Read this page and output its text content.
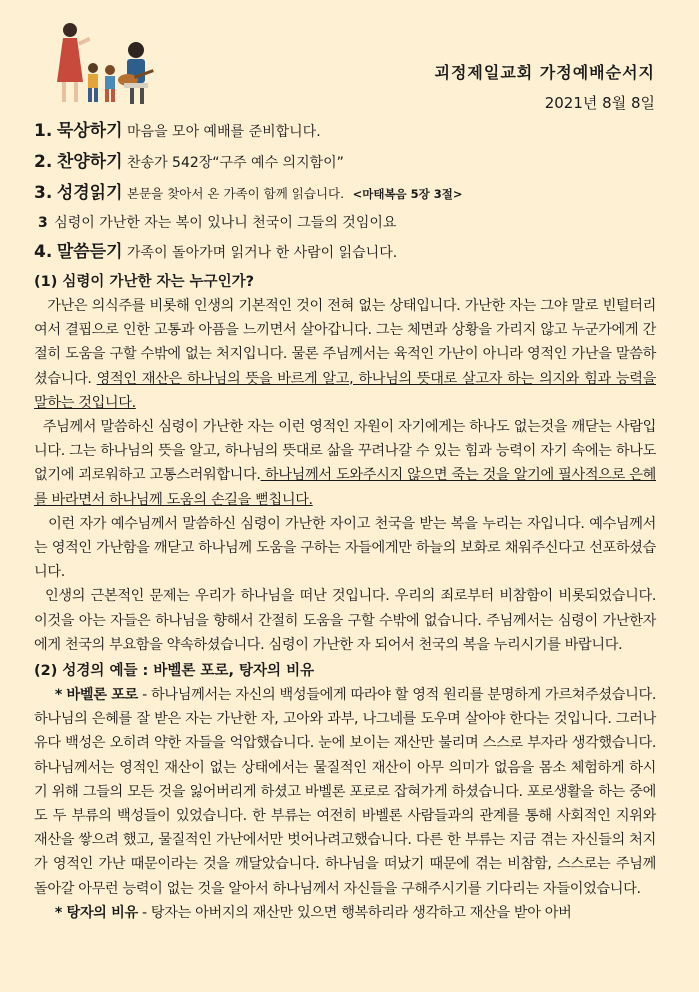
괴정제일교회 가정예배순서지
2021년 8월 8일
1. 묵상하기 마음을 모아 예배를 준비합니다.
2. 찬양하기 찬송가 542장“구주 예수 의지함이”
3. 성경읽기 본문을 찾아서 온 가족이 함께 읽습니다. <마태복음 5장 3절>
3 심령이 가난한 자는 복이 있나니 천국이 그들의 것임이요
4. 말씀듣기 가족이 돌아가며 읽거나 한 사람이 읽습니다.
(1) 심령이 가난한 자는 누구인가?

가난은 의식주를 비롯해 인생의 기본적인 것이 전혀 없는 상태입니다. 가난한 자는 그야 말로 빈털터리여서 결핍으로 인한 고통과 아픔을 느끼면서 살아갑니다. 그는 체면과 상황을 가리지 않고 누군가에게 간절히 도움을 구할 수밖에 없는 처지입니다. 물론 주님께서는 육적인 가난이 아니라 영적인 가난을 말씀하셨습니다. 영적인 재산은 하나님의 뜻을 바르게 알고, 하나님의 뜻대로 살고자 하는 의지와 힘과 능력을 말하는 것입니다.

주님께서 말씀하신 심령이 가난한 자는 이런 영적인 자원이 자기에게는 하나도 없는것을 깨닫는 사람입니다. 그는 하나님의 뜻을 알고, 하나님의 뜻대로 삶을 꾸려나갈 수 있는 힘과 능력이 자기 속에는 하나도 없기에 괴로워하고 고통스러워합니다. 하나님께서 도와주시지 않으면 죽는 것을 알기에 필사적으로 은혜를 바라면서 하나님께 도움의 손길을 뻗칩니다.

이런 자가 예수님께서 말씀하신 심령이 가난한 자이고 천국을 받는 복을 누리는 자입니다. 예수님께서는 영적인 가난함을 깨닫고 하나님께 도움을 구하는 자들에게만 하늘의 보화로 채워주신다고 선포하셨습니다.

인생의 근본적인 문제는 우리가 하나님을 떠난 것입니다. 우리의 죄로부터 비참함이 비롯되었습니다. 이것을 아는 자들은 하나님을 향해서 간절히 도움을 구할 수밖에 없습니다. 주님께서는 심령이 가난한자에게 천국의 부요함을 약속하셨습니다. 심령이 가난한 자 되어서 천국의 복을 누리시기를 바랍니다.

(2) 성경의 예들 : 바벨론 포로, 탕자의 비유

* 바벨론 포로 - 하나님께서는 자신의 백성들에게 따라야 할 영적 원리를 분명하게 가르쳐주셨습니다. 하나님의 은혜를 잘 받은 자는 가난한 자, 고아와 과부, 나그네를 도우며 살아야 한다는 것입니다. 그러나 유다 백성은 오히려 약한 자들을 억압했습니다. 눈에 보이는 재산만 불리며 스스로 부자라 생각했습니다. 하나님께서는 영적인 재산이 없는 상태에서는 물질적인 재산이 아무 의미가 없음을 몸소 체험하게 하시기 위해 그들의 모든 것을 잃어버리게 하셨고 바벨론 포로로 잡혀가게 하셨습니다. 포로생활을 하는 중에도 두 부류의 백성들이 있었습니다. 한 부류는 여전히 바벨론 사람들과의 관계를 통해 사회적인 지위와 재산을 쌓으려 했고, 물질적인 가난에서만 벗어나려고했습니다. 다른 한 부류는 지금 겪는 자신들의 처지가 영적인 가난 때문이라는 것을 깨달았습니다. 하나님을 떠났기 때문에 겪는 비참함, 스스로는 주님께 돌아갈 아무런 능력이 없는 것을 알아서 하나님께서 자신들을 구해주시기를 기다리는 자들이었습니다.

* 탕자의 비유 - 탕자는 아버지의 재산만 있으면 행복하리라 생각하고 재산을 받아 아버
